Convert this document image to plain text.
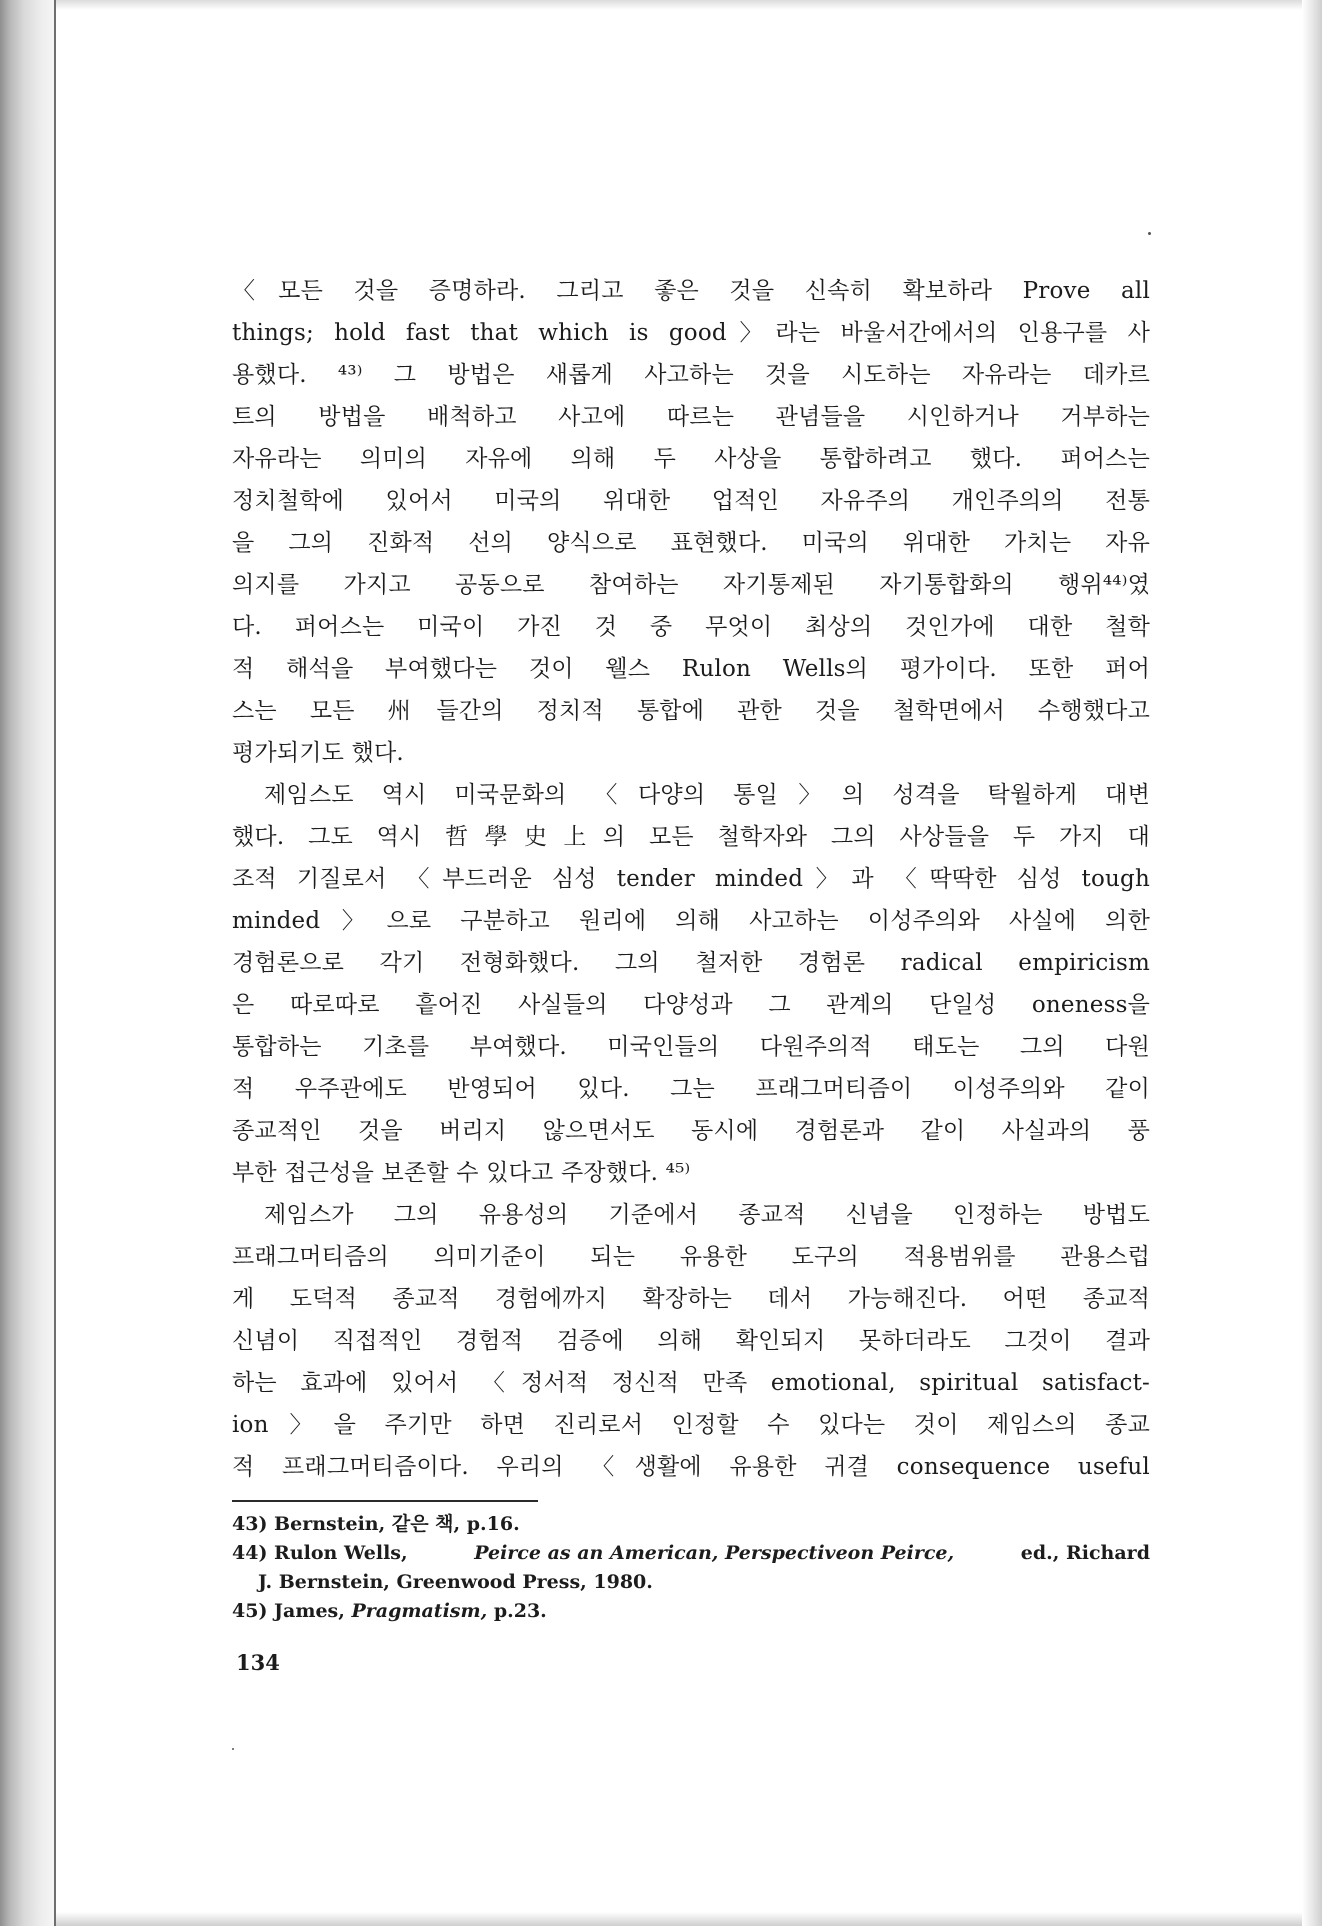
〈모든 것을 증명하라. 그리고 좋은 것을 신속히 확보하라 Prove all
things; hold fast that which is good〉라는 바울서간에서의 인용구를 사
용했다. ⁴³⁾ 그 방법은 새롭게 사고하는 것을 시도하는 자유라는 데카르
트의 방법을 배척하고 사고에 따르는 관념들을 시인하거나 거부하는
자유라는 의미의 자유에 의해 두 사상을 통합하려고 했다. 퍼어스는
정치철학에 있어서 미국의 위대한 업적인 자유주의 개인주의의 전통
을 그의 진화적 선의 양식으로 표현했다. 미국의 위대한 가치는 자유
의지를 가지고 공동으로 참여하는 자기통제된 자기통합화의 행위⁴⁴⁾였
다. 퍼어스는 미국이 가진 것 중 무엇이 최상의 것인가에 대한 철학
적 해석을 부여했다는 것이 웰스 Rulon Wells의 평가이다. 또한 퍼어
스는 모든 州들간의 정치적 통합에 관한 것을 철학면에서 수행했다고
평가되기도 했다.
제임스도 역시 미국문화의 〈다양의 통일〉의 성격을 탁월하게 대변
했다. 그도 역시 哲學史上의 모든 철학자와 그의 사상들을 두 가지 대
조적 기질로서 〈부드러운 심성 tender minded〉과 〈딱딱한 심성 tough
minded〉으로 구분하고 원리에 의해 사고하는 이성주의와 사실에 의한
경험론으로 각기 전형화했다. 그의 철저한 경험론 radical empiricism
은 따로따로 흩어진 사실들의 다양성과 그 관계의 단일성 oneness을
통합하는 기초를 부여했다. 미국인들의 다원주의적 태도는 그의 다원
적 우주관에도 반영되어 있다. 그는 프래그머티즘이 이성주의와 같이
종교적인 것을 버리지 않으면서도 동시에 경험론과 같이 사실과의 풍
부한 접근성을 보존할 수 있다고 주장했다. ⁴⁵⁾
제임스가 그의 유용성의 기준에서 종교적 신념을 인정하는 방법도
프래그머티즘의 의미기준이 되는 유용한 도구의 적용범위를 관용스럽
게 도덕적 종교적 경험에까지 확장하는 데서 가능해진다. 어떤 종교적
신념이 직접적인 경험적 검증에 의해 확인되지 못하더라도 그것이 결과
하는 효과에 있어서 〈정서적 정신적 만족 emotional, spiritual satisfact-
ion〉을 주기만 하면 진리로서 인정할 수 있다는 것이 제임스의 종교
적 프래그머티즘이다. 우리의 〈생활에 유용한 귀결 consequence useful
43) Bernstein, 같은 책, p.16.
44) Rulon Wells,	Peirce as an American, Perspectiveon Peirce,	ed., Richard
J. Bernstein, Greenwood Press, 1980.
45) James, Pragmatism, p.23.
134
